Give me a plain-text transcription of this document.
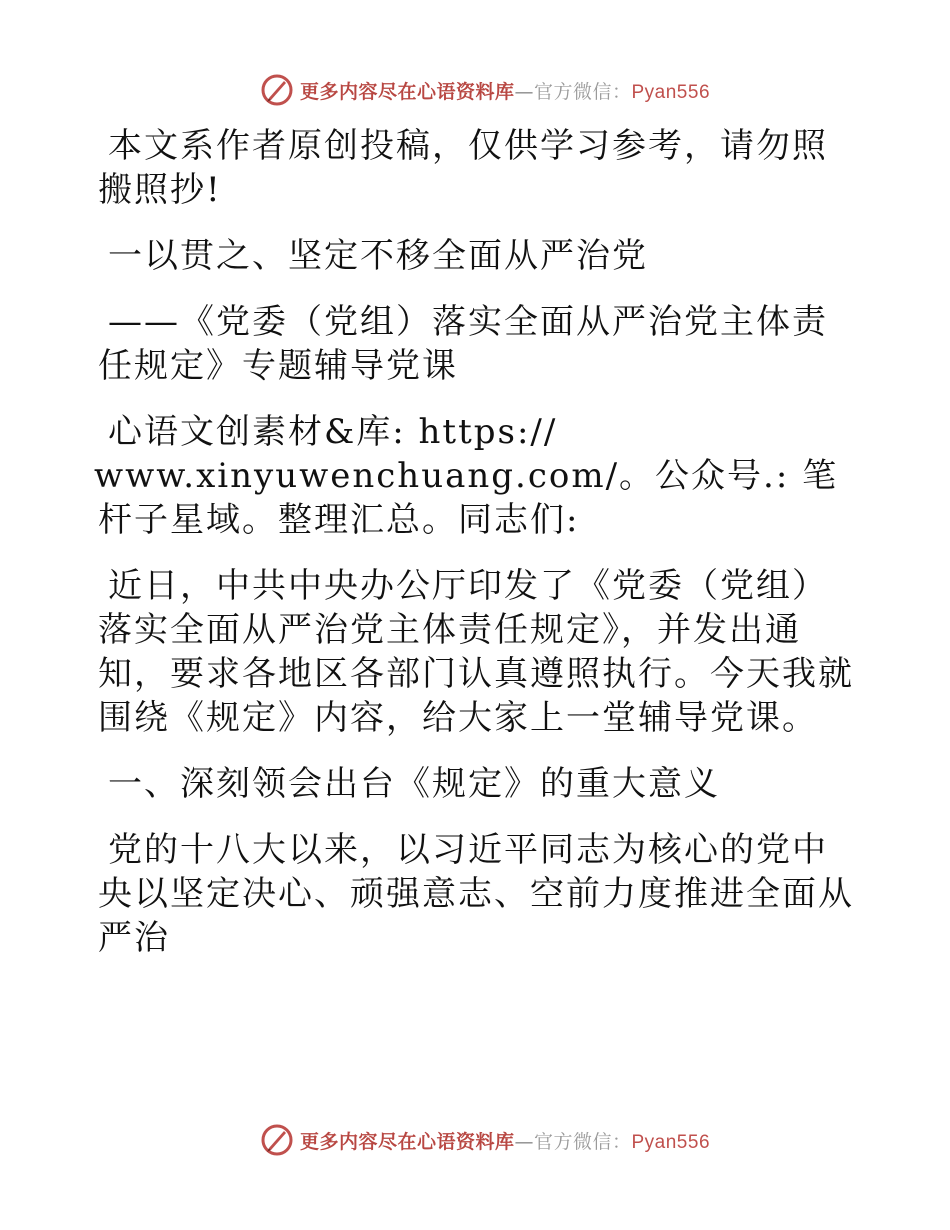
更多内容尽在心语资料库—官方微信：Pyan556

本文系作者原创投稿，仅供学习参考，请勿照搬照抄!

一以贯之、坚定不移全面从严治党

——《党委（党组）落实全面从严治党主体责任规定》专题辅导党课

心语文创素材&库: https://

www.xinyuwenchuang.com/。公众号.: 笔杆子星域。整理汇总。同志们:

近日，中共中央办公厅印发了《党委（党组）落实全面从严治党主体责任规定》，并发出通知，要求各地区各部门认真遵照执行。今天我就围绕《规定》内容，给大家上一堂辅导党课。

一、深刻领会出台《规定》的重大意义

党的十八大以来，以习近平同志为核心的党中央以坚定决心、顽强意志、空前力度推进全面从严治

更多内容尽在心语资料库—官方微信：Pyan556
